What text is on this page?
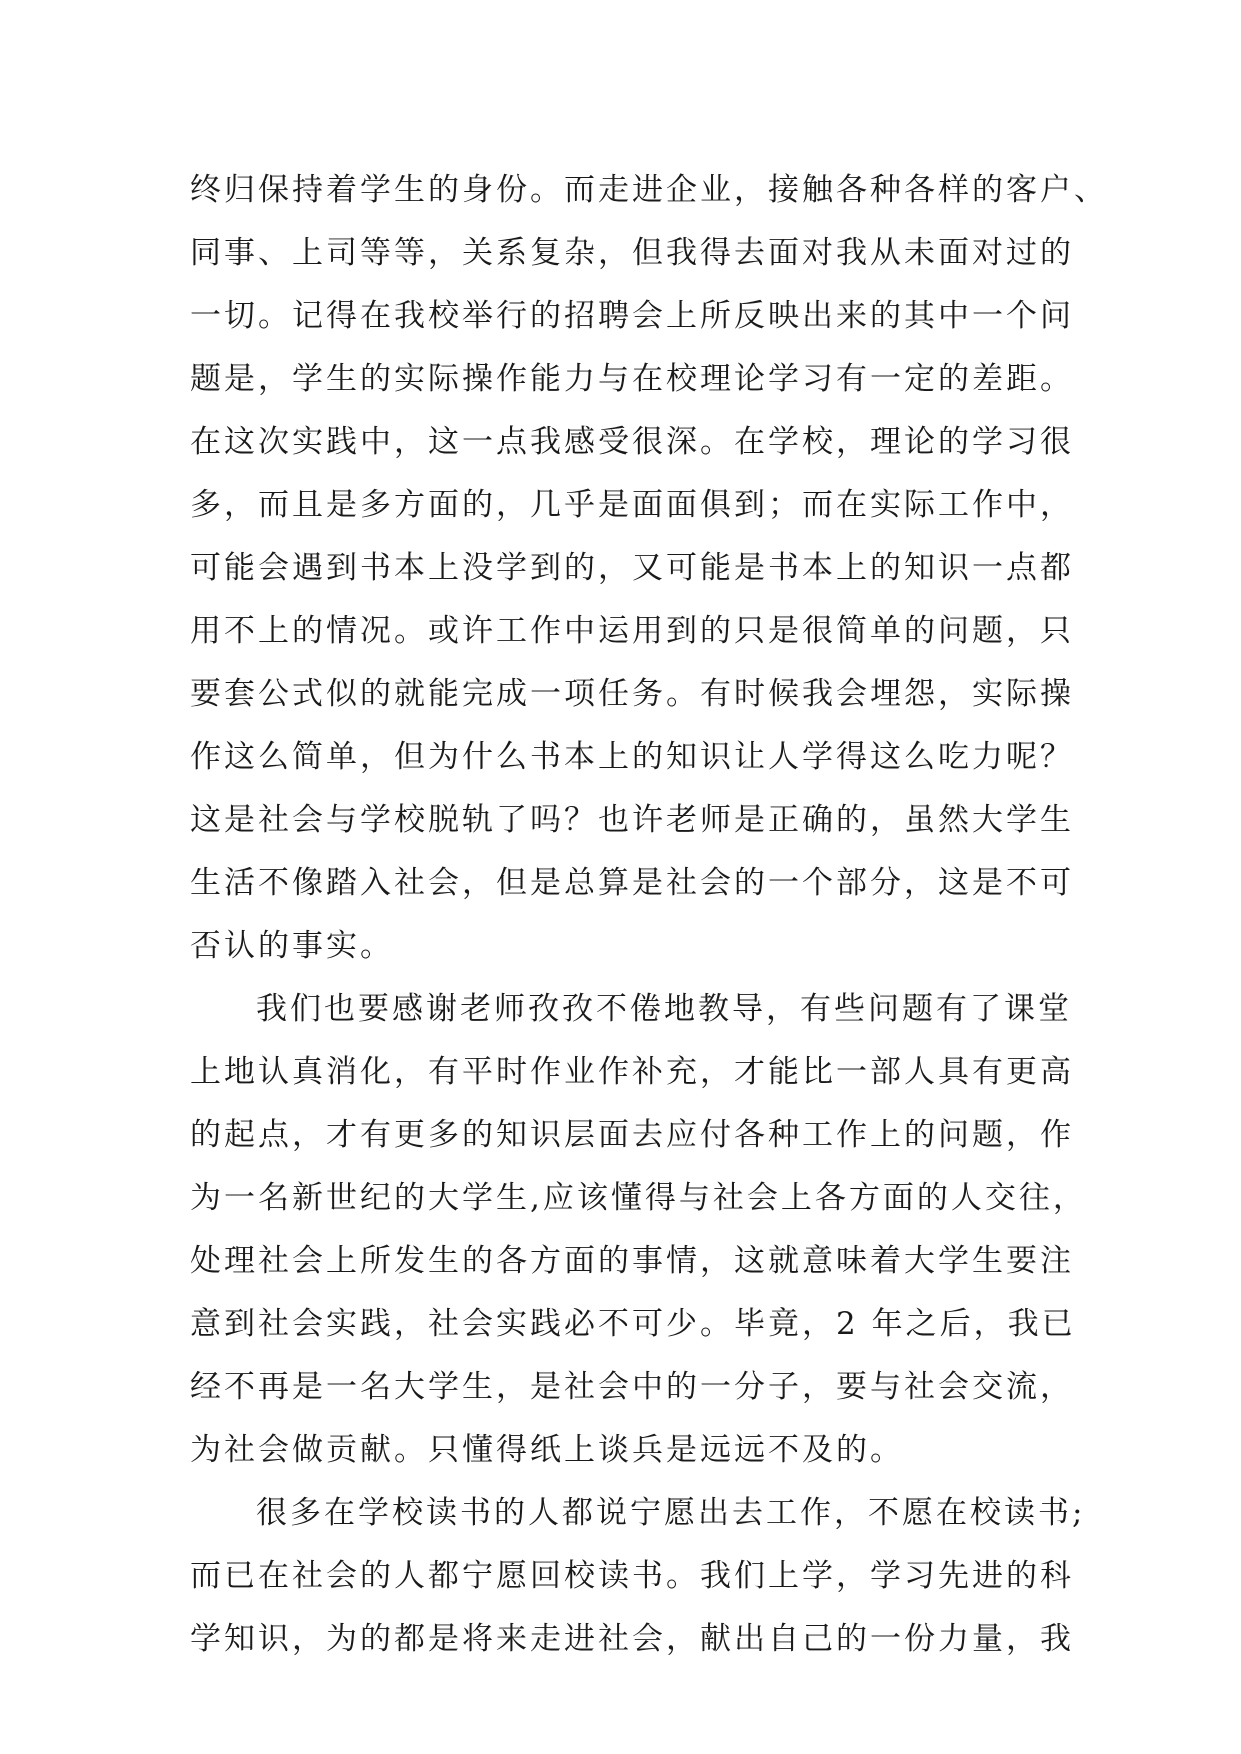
终归保持着学生的身份。而走进企业，接触各种各样的客户、
同事、上司等等，关系复杂，但我得去面对我从未面对过的
一切。记得在我校举行的招聘会上所反映出来的其中一个问
题是，学生的实际操作能力与在校理论学习有一定的差距。
在这次实践中，这一点我感受很深。在学校，理论的学习很
多，而且是多方面的，几乎是面面俱到；而在实际工作中，
可能会遇到书本上没学到的，又可能是书本上的知识一点都
用不上的情况。或许工作中运用到的只是很简单的问题，只
要套公式似的就能完成一项任务。有时候我会埋怨，实际操
作这么简单，但为什么书本上的知识让人学得这么吃力呢？
这是社会与学校脱轨了吗？也许老师是正确的，虽然大学生
生活不像踏入社会，但是总算是社会的一个部分，这是不可
否认的事实。
我们也要感谢老师孜孜不倦地教导，有些问题有了课堂
上地认真消化，有平时作业作补充，才能比一部人具有更高
的起点，才有更多的知识层面去应付各种工作上的问题，作
为一名新世纪的大学生,应该懂得与社会上各方面的人交往，
处理社会上所发生的各方面的事情，这就意味着大学生要注
意到社会实践，社会实践必不可少。毕竟，2 年之后，我已
经不再是一名大学生，是社会中的一分子，要与社会交流，
为社会做贡献。只懂得纸上谈兵是远远不及的。
很多在学校读书的人都说宁愿出去工作，不愿在校读书;
而已在社会的人都宁愿回校读书。我们上学，学习先进的科
学知识，为的都是将来走进社会，献出自己的一份力量，我
